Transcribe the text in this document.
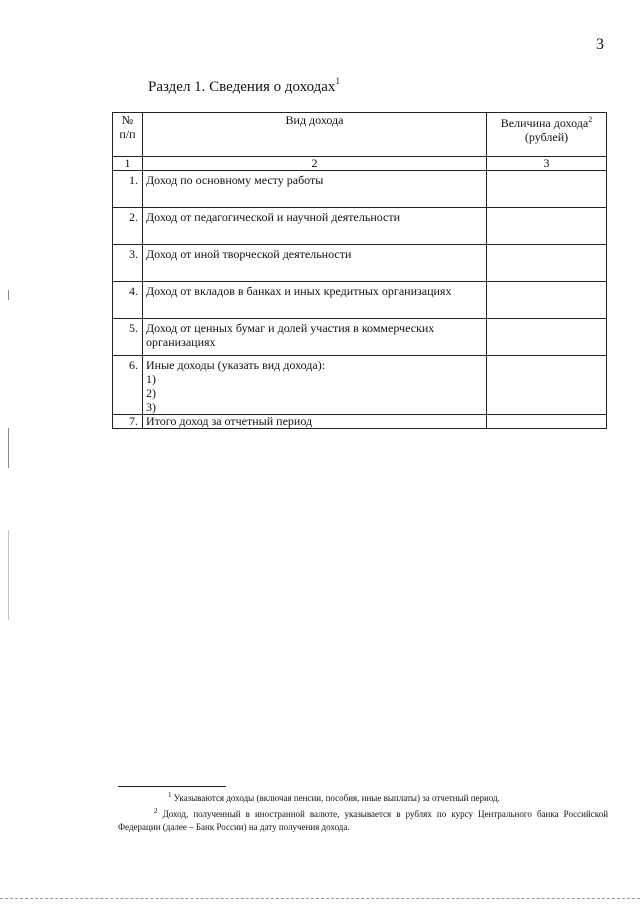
3
Раздел 1. Сведения о доходах$^1$
№ п/п	Вид дохода	Величина дохода$^2$
(рублей)
1	2	3
1.	Доход по основному месту работы	
2.	Доход от педагогической и научной деятельности	
3.	Доход от иной творческой деятельности	
4.	Доход от вкладов в банках и иных кредитных организациях	
5.	Доход от ценных бумаг и долей участия в коммерческих организациях	
6.	Иные доходы (указать вид дохода):
1)
2)
3)	

7.	Итого доход за отчетный период	

$^1$ Указываются доходы (включая пенсии, пособия, иные выплаты) за отчетный период.

$^2$ Доход, полученный в иностранной валюте, указывается в рублях по курсу Центрального банка Российской Федерации (далее – Банк России) на дату получения дохода.
